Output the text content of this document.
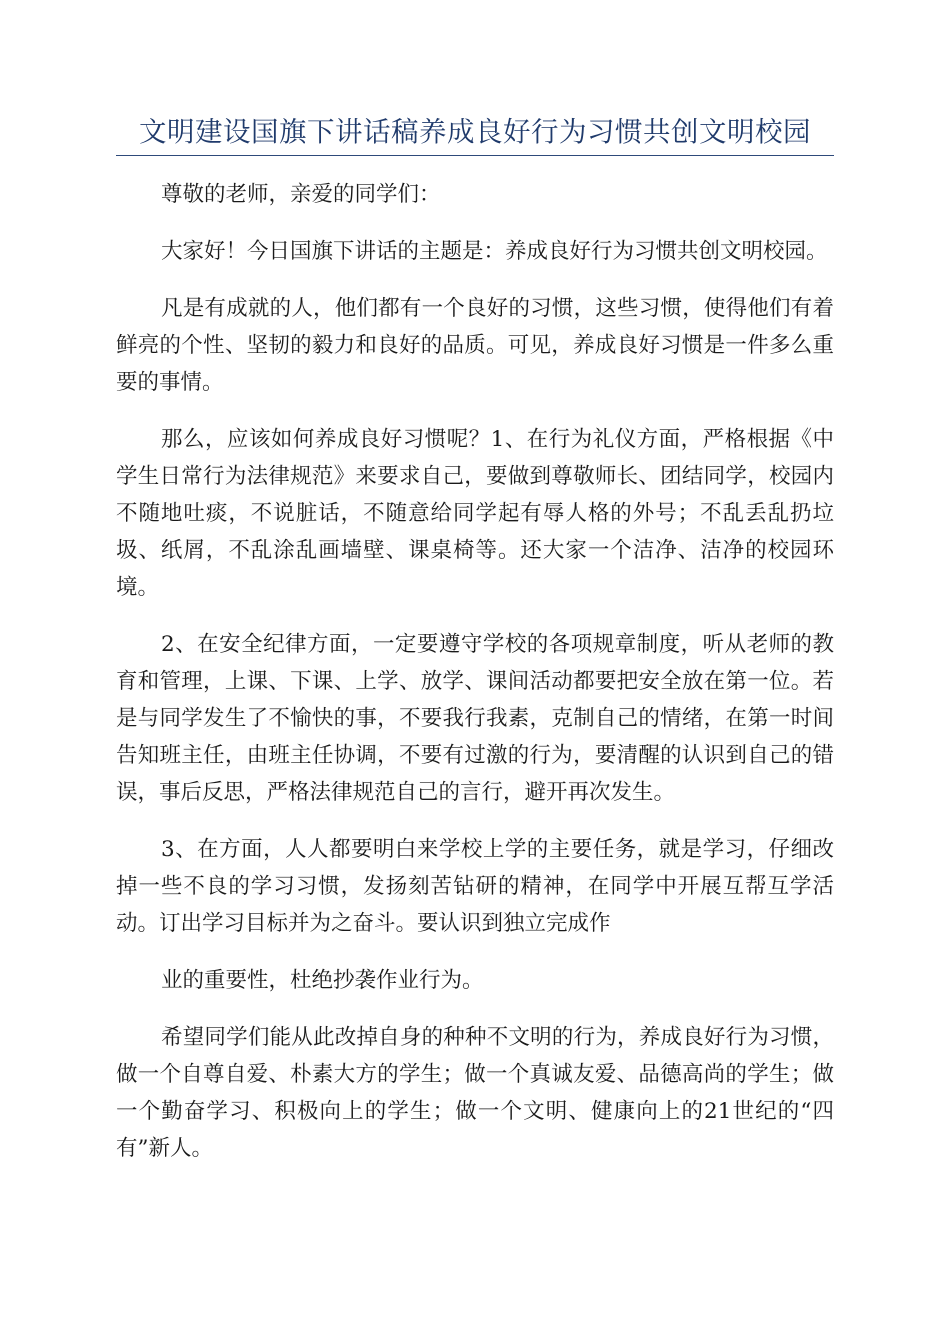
文明建设国旗下讲话稿养成良好行为习惯共创文明校园

尊敬的老师，亲爱的同学们：

大家好！今日国旗下讲话的主题是：养成良好行为习惯共创文明校园。

凡是有成就的人，他们都有一个良好的习惯，这些习惯，使得他们有着鲜亮的个性、坚韧的毅力和良好的品质。可见，养成良好习惯是一件多么重要的事情。

那么，应该如何养成良好习惯呢？1、在行为礼仪方面，严格根据《中学生日常行为法律规范》来要求自己，要做到尊敬师长、团结同学，校园内不随地吐痰，不说脏话，不随意给同学起有辱人格的外号；不乱丢乱扔垃圾、纸屑，不乱涂乱画墙壁、课桌椅等。还大家一个洁净、洁净的校园环境。

2、在安全纪律方面，一定要遵守学校的各项规章制度，听从老师的教育和管理，上课、下课、上学、放学、课间活动都要把安全放在第一位。若是与同学发生了不愉快的事，不要我行我素，克制自己的情绪，在第一时间告知班主任，由班主任协调，不要有过激的行为，要清醒的认识到自己的错误，事后反思，严格法律规范自己的言行，避开再次发生。

3、在方面，人人都要明白来学校上学的主要任务，就是学习，仔细改掉一些不良的学习习惯，发扬刻苦钻研的精神，在同学中开展互帮互学活动。订出学习目标并为之奋斗。要认识到独立完成作

业的重要性，杜绝抄袭作业行为。

希望同学们能从此改掉自身的种种不文明的行为，养成良好行为习惯，做一个自尊自爱、朴素大方的学生；做一个真诚友爱、品德高尚的学生；做一个勤奋学习、积极向上的学生；做一个文明、健康向上的21世纪的“四有”新人。
